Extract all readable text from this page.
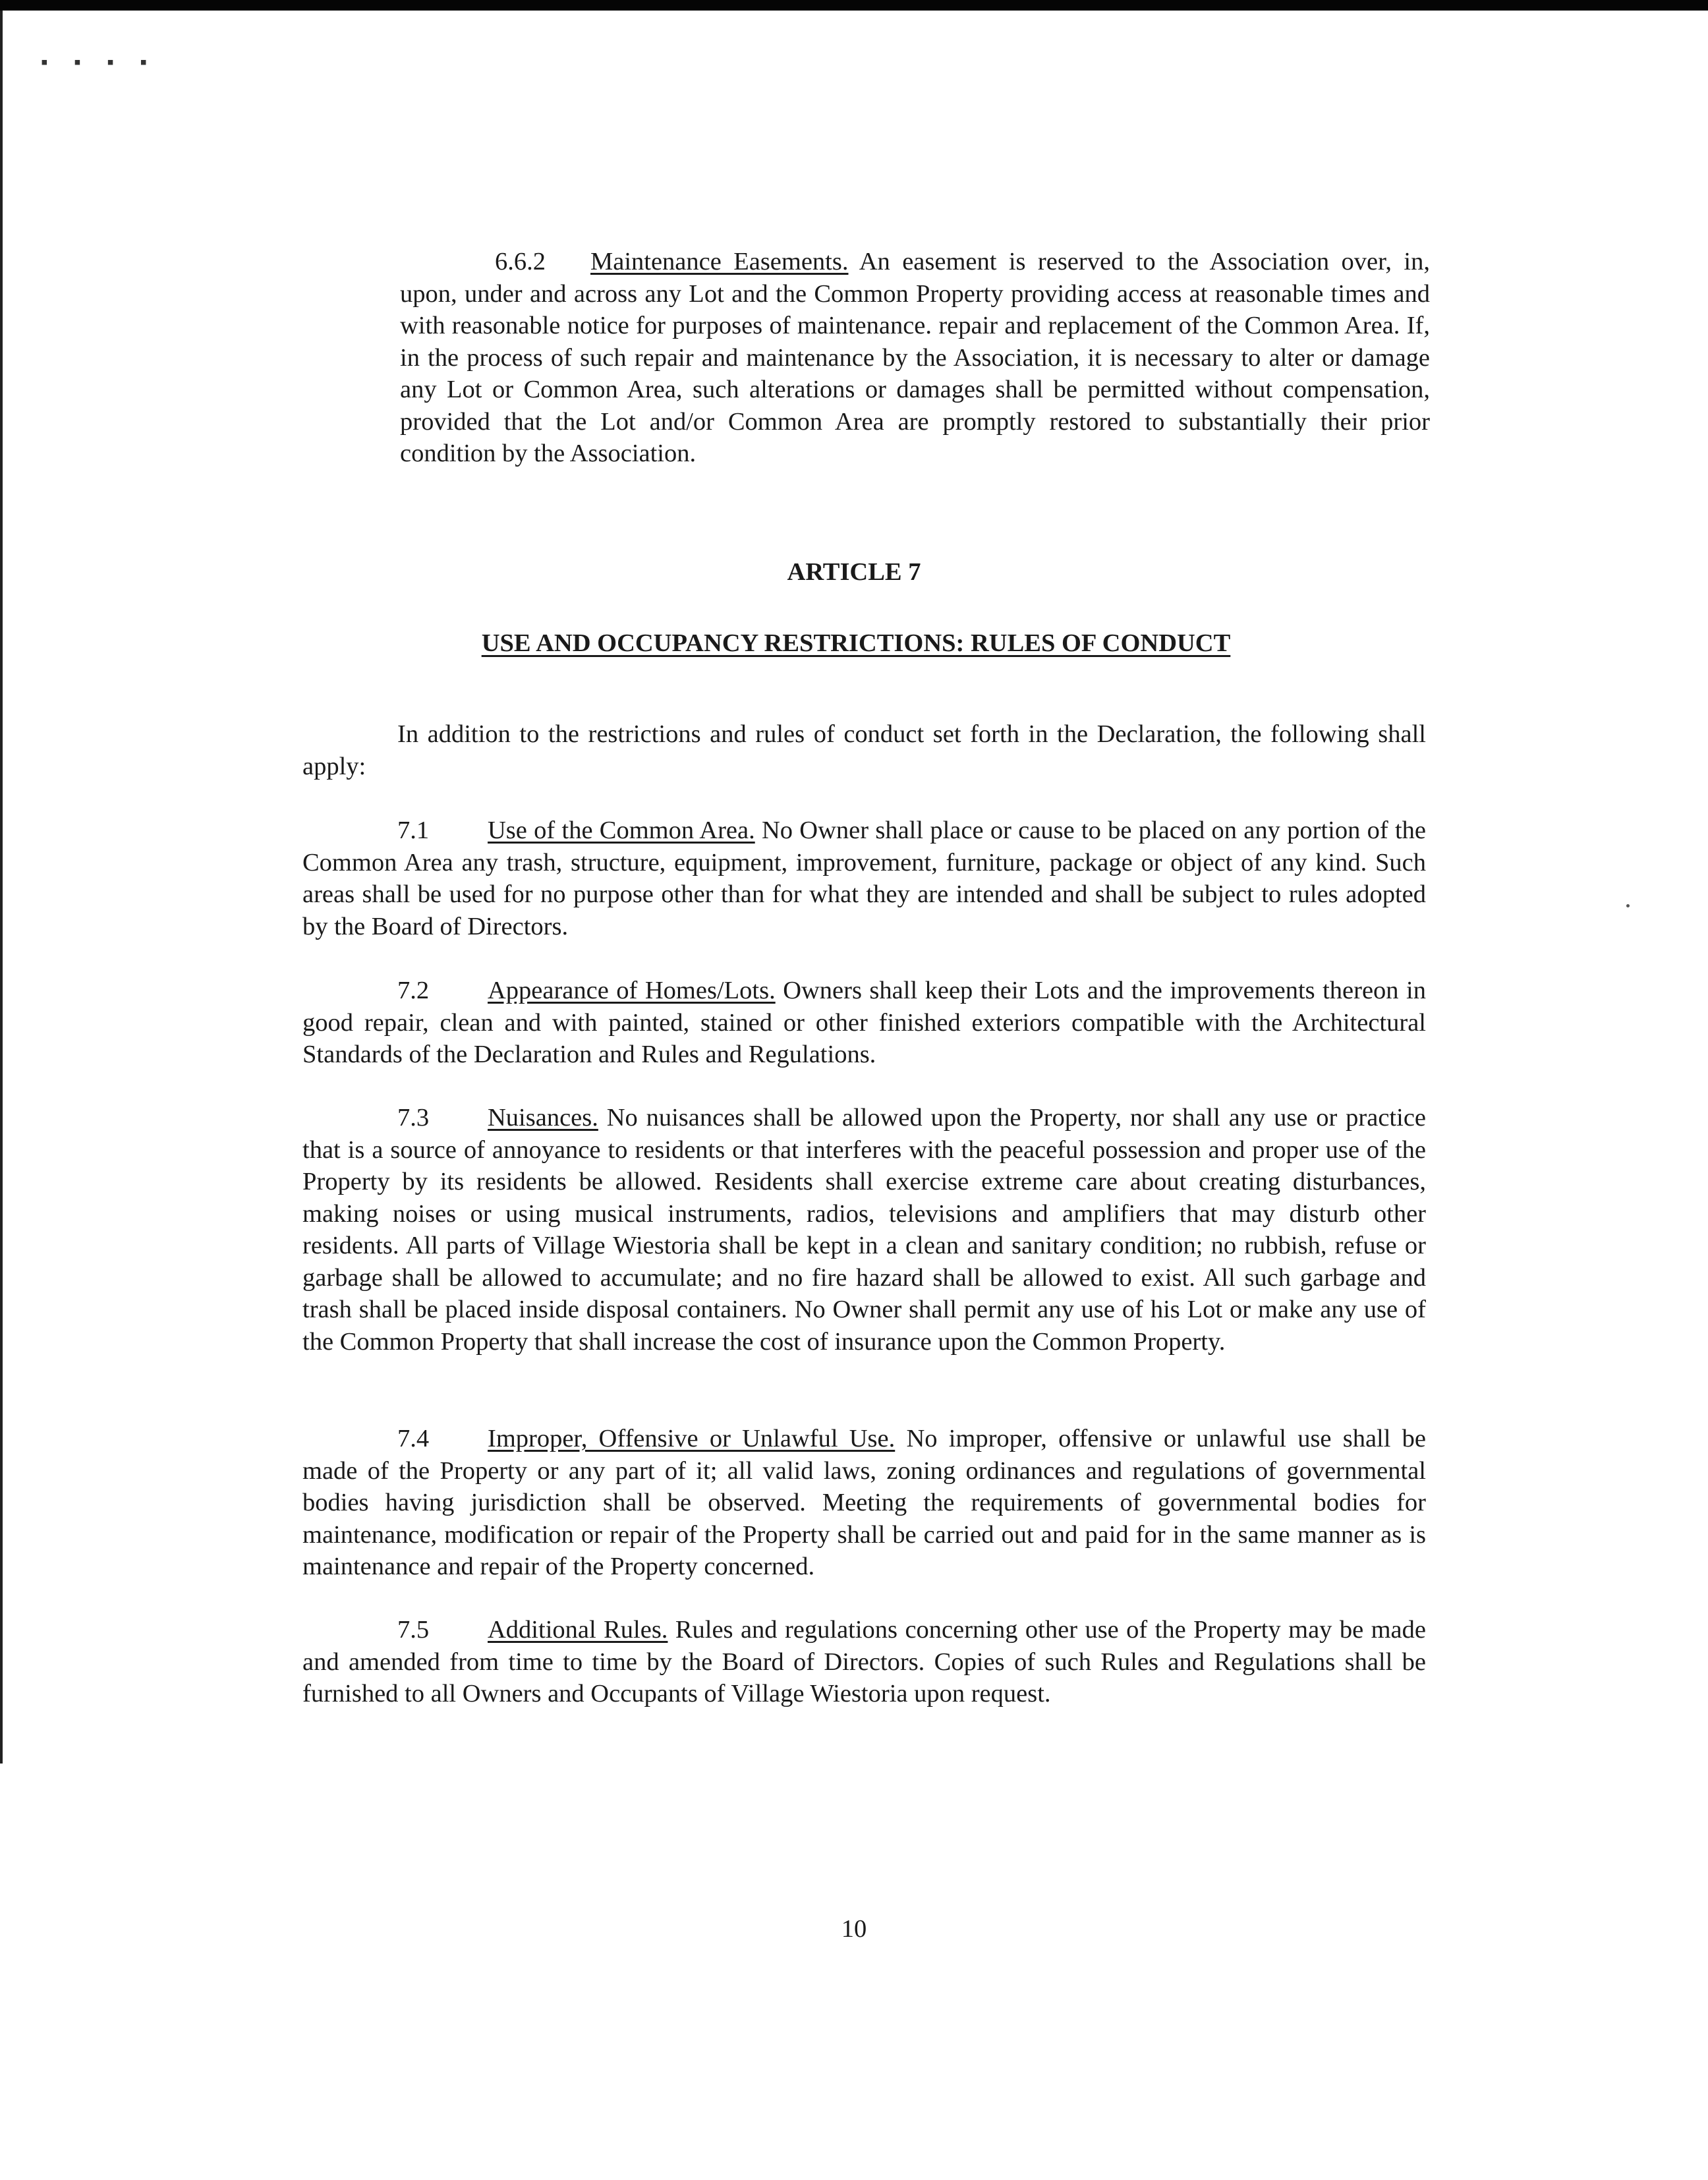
▪ ▪ ▪ ▪

6.6.2 Maintenance Easements. An easement is reserved to the Association over, in, upon, under and across any Lot and the Common Property providing access at reasonable times and with reasonable notice for purposes of maintenance. repair and replacement of the Common Area. If, in the process of such repair and maintenance by the Association, it is necessary to alter or damage any Lot or Common Area, such alterations or damages shall be permitted without compensation, provided that the Lot and/or Common Area are promptly restored to substantially their prior condition by the Association.

ARTICLE 7
USE AND OCCUPANCY RESTRICTIONS: RULES OF CONDUCT

In addition to the restrictions and rules of conduct set forth in the Declaration, the following shall apply:

7.1 Use of the Common Area. No Owner shall place or cause to be placed on any portion of the Common Area any trash, structure, equipment, improvement, furniture, package or object of any kind. Such areas shall be used for no purpose other than for what they are intended and shall be subject to rules adopted by the Board of Directors.

7.2 Appearance of Homes/Lots. Owners shall keep their Lots and the improvements thereon in good repair, clean and with painted, stained or other finished exteriors compatible with the Architectural Standards of the Declaration and Rules and Regulations.

7.3 Nuisances. No nuisances shall be allowed upon the Property, nor shall any use or practice that is a source of annoyance to residents or that interferes with the peaceful possession and proper use of the Property by its residents be allowed. Residents shall exercise extreme care about creating disturbances, making noises or using musical instruments, radios, televisions and amplifiers that may disturb other residents. All parts of Village Wiestoria shall be kept in a clean and sanitary condition; no rubbish, refuse or garbage shall be allowed to accumulate; and no fire hazard shall be allowed to exist. All such garbage and trash shall be placed inside disposal containers. No Owner shall permit any use of his Lot or make any use of the Common Property that shall increase the cost of insurance upon the Common Property.

7.4 Improper, Offensive or Unlawful Use. No improper, offensive or unlawful use shall be made of the Property or any part of it; all valid laws, zoning ordinances and regulations of governmental bodies having jurisdiction shall be observed. Meeting the requirements of governmental bodies for maintenance, modification or repair of the Property shall be carried out and paid for in the same manner as is maintenance and repair of the Property concerned.

7.5 Additional Rules. Rules and regulations concerning other use of the Property may be made and amended from time to time by the Board of Directors. Copies of such Rules and Regulations shall be furnished to all Owners and Occupants of Village Wiestoria upon request.

10
